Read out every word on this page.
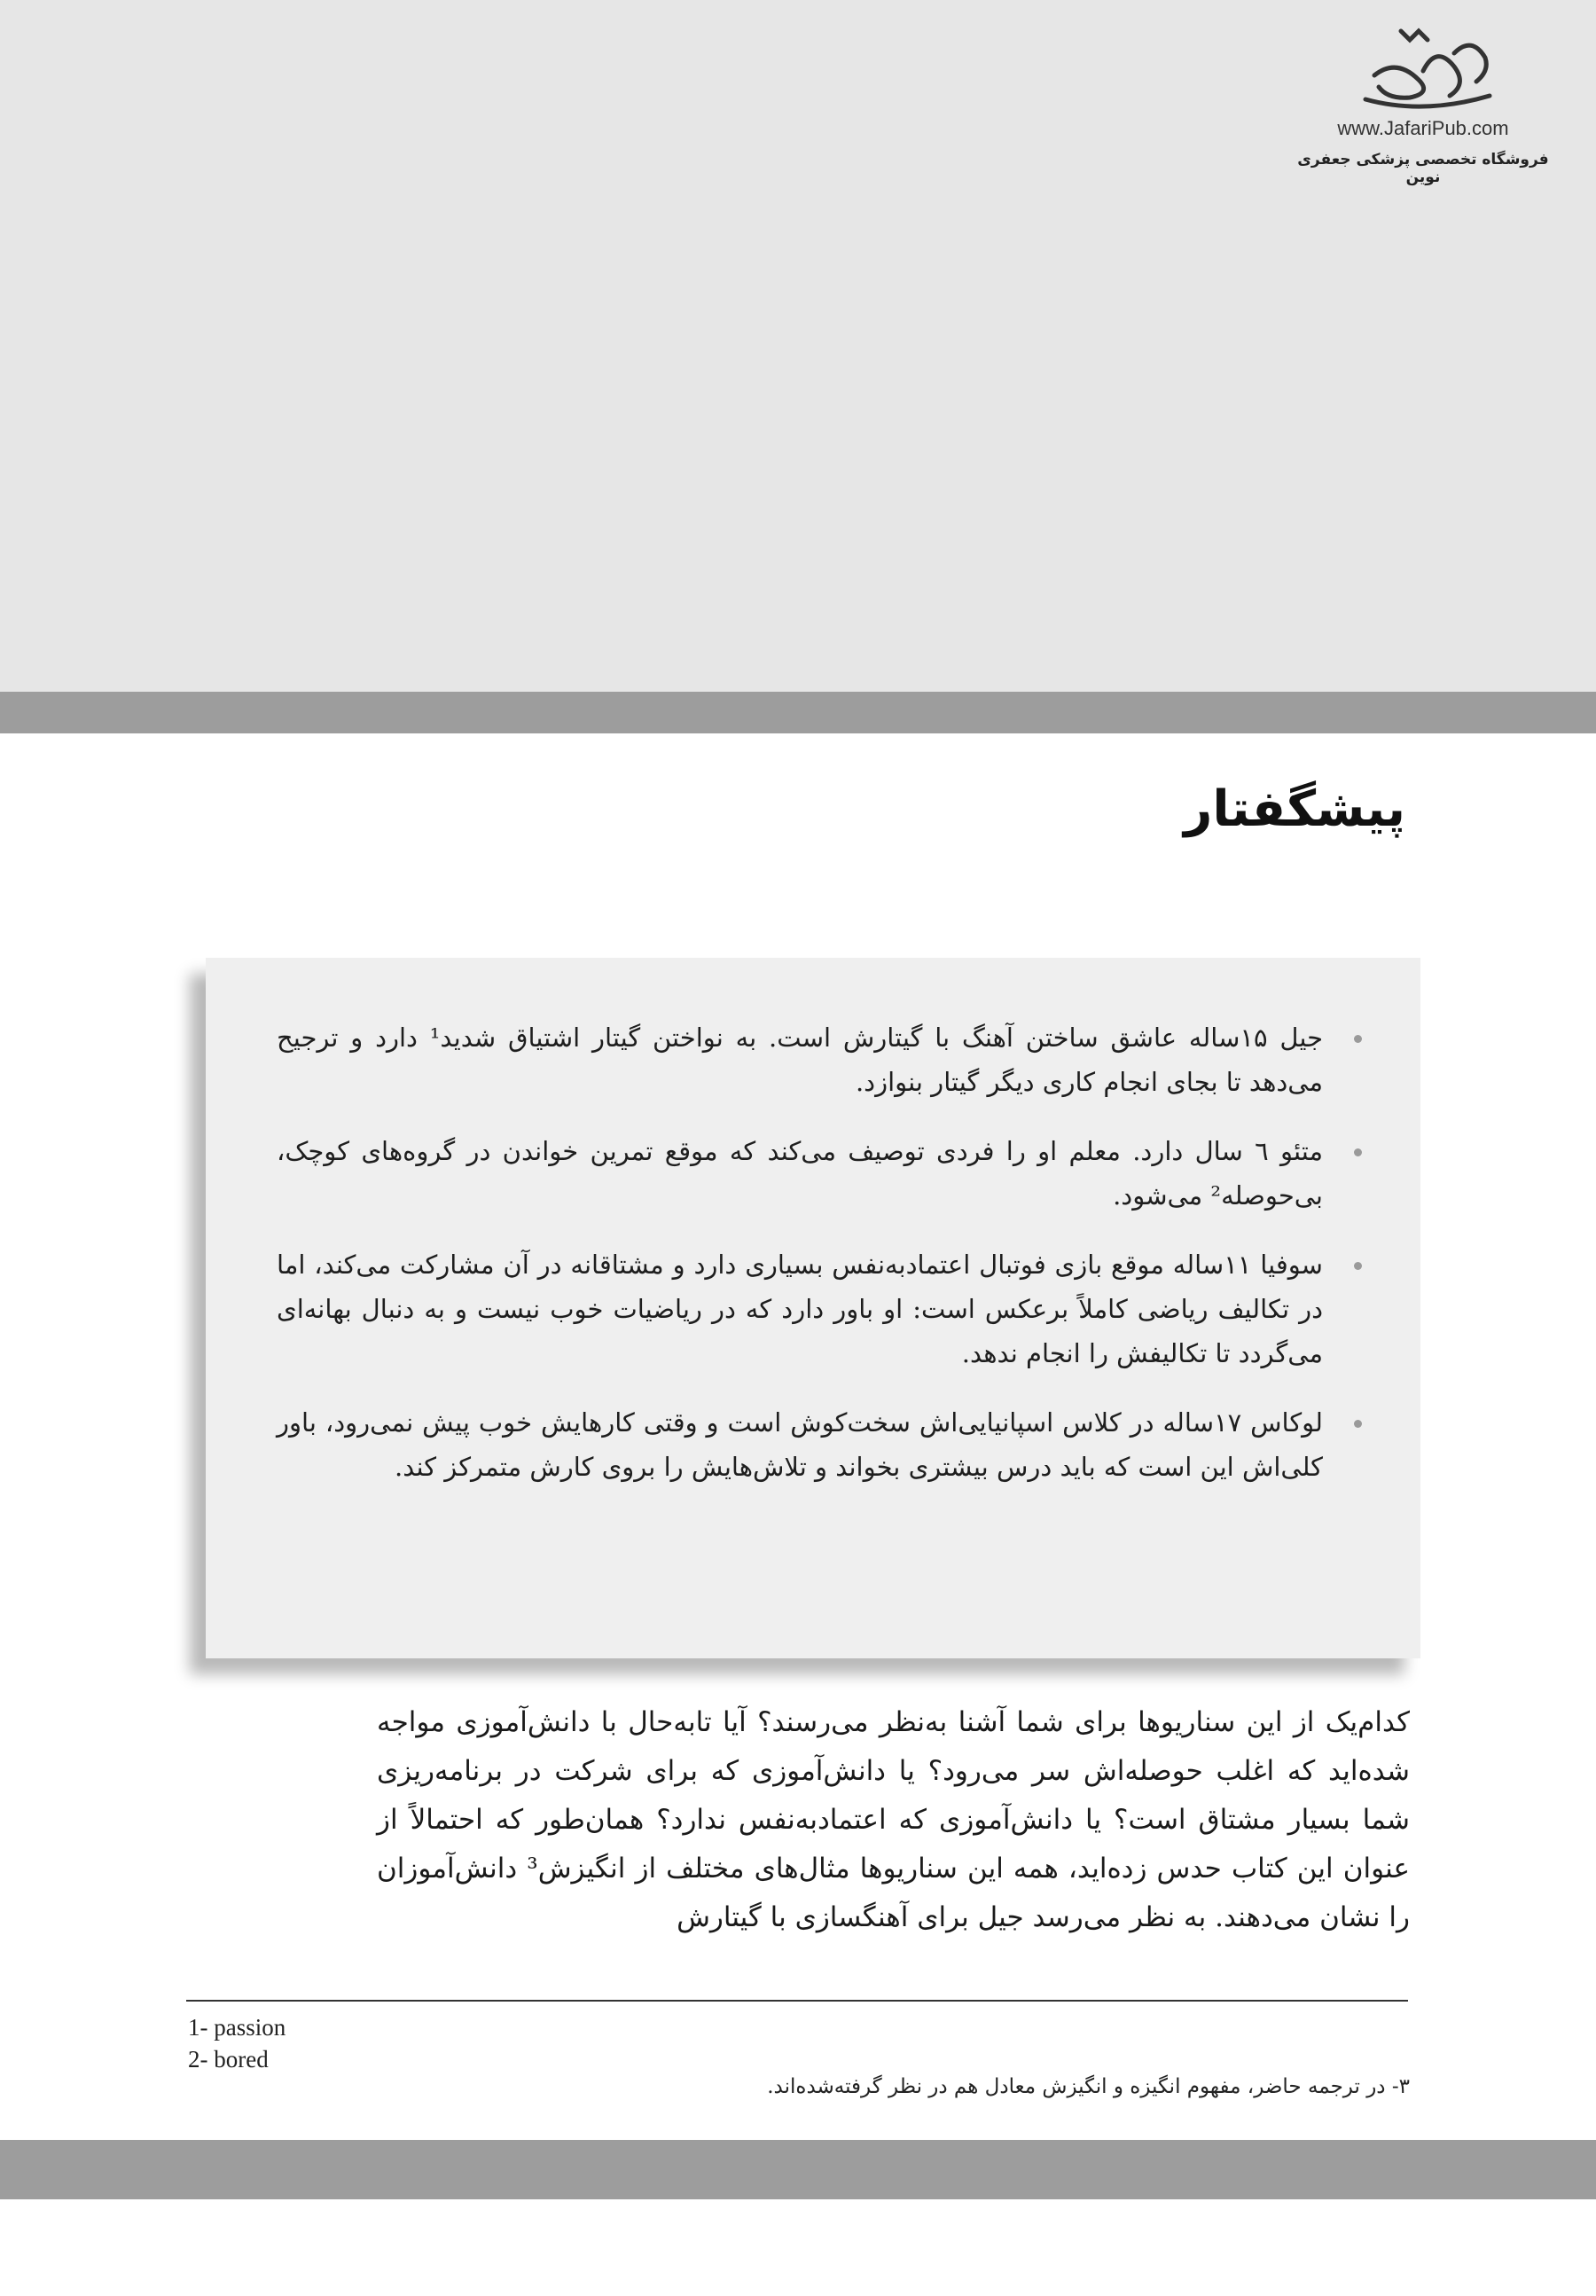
www.JafariPub.com
فروشگاه تخصصی پزشکی جعفری نوین
پیشگفتار
جیل ۱۵ساله عاشق ساختن آهنگ با گیتارش است. به نواختن گیتار اشتیاق شدید¹ دارد و ترجیح می‌دهد تا بجای انجام کاری دیگر گیتار بنوازد.
متئو ٦ سال دارد. معلم او را فردی توصیف می‌کند که موقع تمرین خواندن در گروه‌های کوچک، بی‌حوصله² می‌شود.
سوفیا ۱۱ساله موقع بازی فوتبال اعتمادبه‌نفس بسیاری دارد و مشتاقانه در آن مشارکت می‌کند، اما در تکالیف ریاضی کاملاً برعکس است: او باور دارد که در ریاضیات خوب نیست و به دنبال بهانه‌ای می‌گردد تا تکالیفش را انجام ندهد.
لوکاس ۱۷ساله در کلاس اسپانیایی‌اش سخت‌کوش است و وقتی کارهایش خوب پیش نمی‌رود، باور کلی‌اش این است که باید درس بیشتری بخواند و تلاش‌هایش را بروی کارش متمرکز کند.

کدام‌یک از این سناریوها برای شما آشنا به‌نظر می‌رسند؟ آیا تابه‌حال با دانش‌آموزی مواجه شده‌اید که اغلب حوصله‌اش سر می‌رود؟ یا دانش‌آموزی که برای شرکت در برنامه‌ریزی شما بسیار مشتاق است؟ یا دانش‌آموزی که اعتمادبه‌نفس ندارد؟ همان‌طور که احتمالاً از عنوان این کتاب حدس زده‌اید، همه این سناریوها مثال‌های مختلف از انگیزش³ دانش‌آموزان را نشان می‌دهند. به نظر می‌رسد جیل برای آهنگسازی با گیتارش

1- passion
2- bored
۳- در ترجمه حاضر، مفهوم انگیزه و انگیزش معادل هم در نظر گرفته‌شده‌اند.
